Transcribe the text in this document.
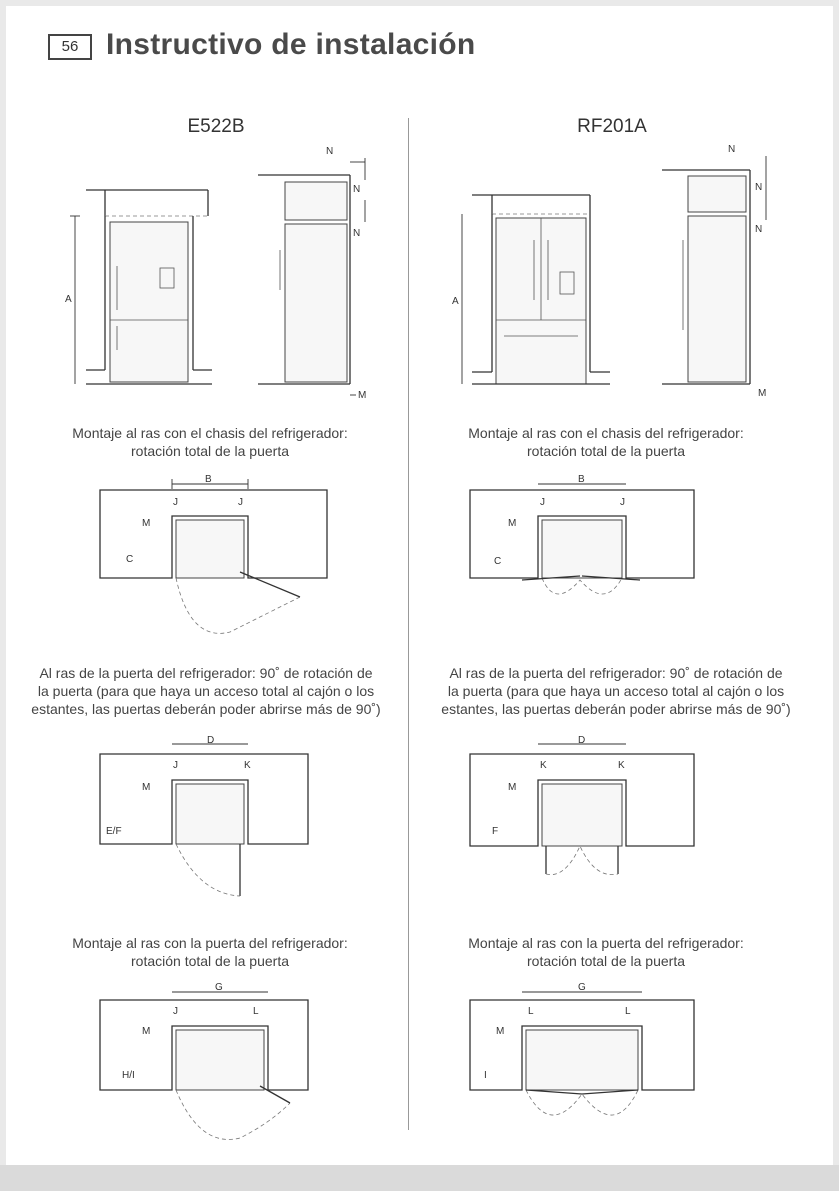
56 Instructivo de instalación
E522B
A
N
N
N
M
Montaje al ras con el chasis del refrigerador:
rotación total de la puerta
B
J	J
M
C
Al ras de la puerta del refrigerador: 90˚ de rotación de
la puerta (para que haya un acceso total al cajón o los
estantes, las puertas deberán poder abrirse más de 90˚)
D
J	K
M
E/F
Montaje al ras con la puerta del refrigerador:
rotación total de la puerta
G
J	L
M
H/I
RF201A
A
N
N
N
M
Montaje al ras con el chasis del refrigerador:
rotación total de la puerta
B
J	J
M
C
Al ras de la puerta del refrigerador: 90˚ de rotación de
la puerta (para que haya un acceso total al cajón o los
estantes, las puertas deberán poder abrirse más de 90˚)
D
K	K
M
F
Montaje al ras con la puerta del refrigerador:
rotación total de la puerta
G
L	L
M
I
